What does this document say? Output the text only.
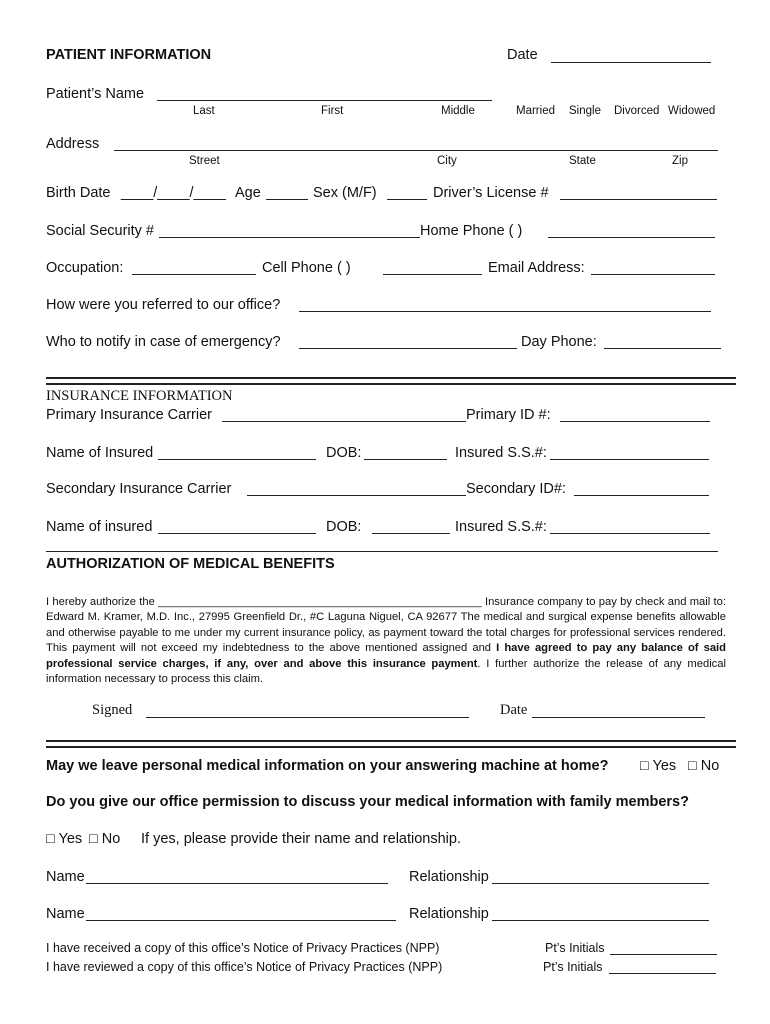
PATIENT INFORMATION	Date
Patient’s Name
Last	First	Middle	Married Single Divorced Widowed
Address
Street	City	State	Zip
Birth Date ____/____/____ Age	Sex (M/F)	Driver’s License #
Social Security #	Home Phone ( )
Occupation:	Cell Phone ( )	Email Address:
How were you referred to our office?
Who to notify in case of emergency?	Day Phone:
INSURANCE INFORMATION
Primary Insurance Carrier	Primary ID #:
Name of Insured	DOB:	Insured S.S.#:
Secondary Insurance Carrier	Secondary ID#:
Name of insured	DOB:	Insured S.S.#:
AUTHORIZATION OF MEDICAL BENEFITS
I hereby authorize the ____________________________________________________ Insurance company to pay by check and mail to: Edward M. Kramer, M.D. Inc., 27995 Greenfield Dr., #C Laguna Niguel, CA 92677 The medical and surgical expense benefits allowable and otherwise payable to me under my current insurance policy, as payment toward the total charges for professional services rendered. This payment will not exceed my indebtedness to the above mentioned assigned and I have agreed to pay any balance of said professional service charges, if any, over and above this insurance payment. I further authorize the release of any medical information necessary to process this claim.
Signed	Date
May we leave personal medical information on your answering machine at home? □ Yes □ No
Do you give our office permission to discuss your medical information with family members?
□ Yes □ No If yes, please provide their name and relationship.
Name	Relationship
Name	Relationship
I have received a copy of this office’s Notice of Privacy Practices (NPP)	Pt’s Initials
I have reviewed a copy of this office’s Notice of Privacy Practices (NPP)	Pt’s Initials
